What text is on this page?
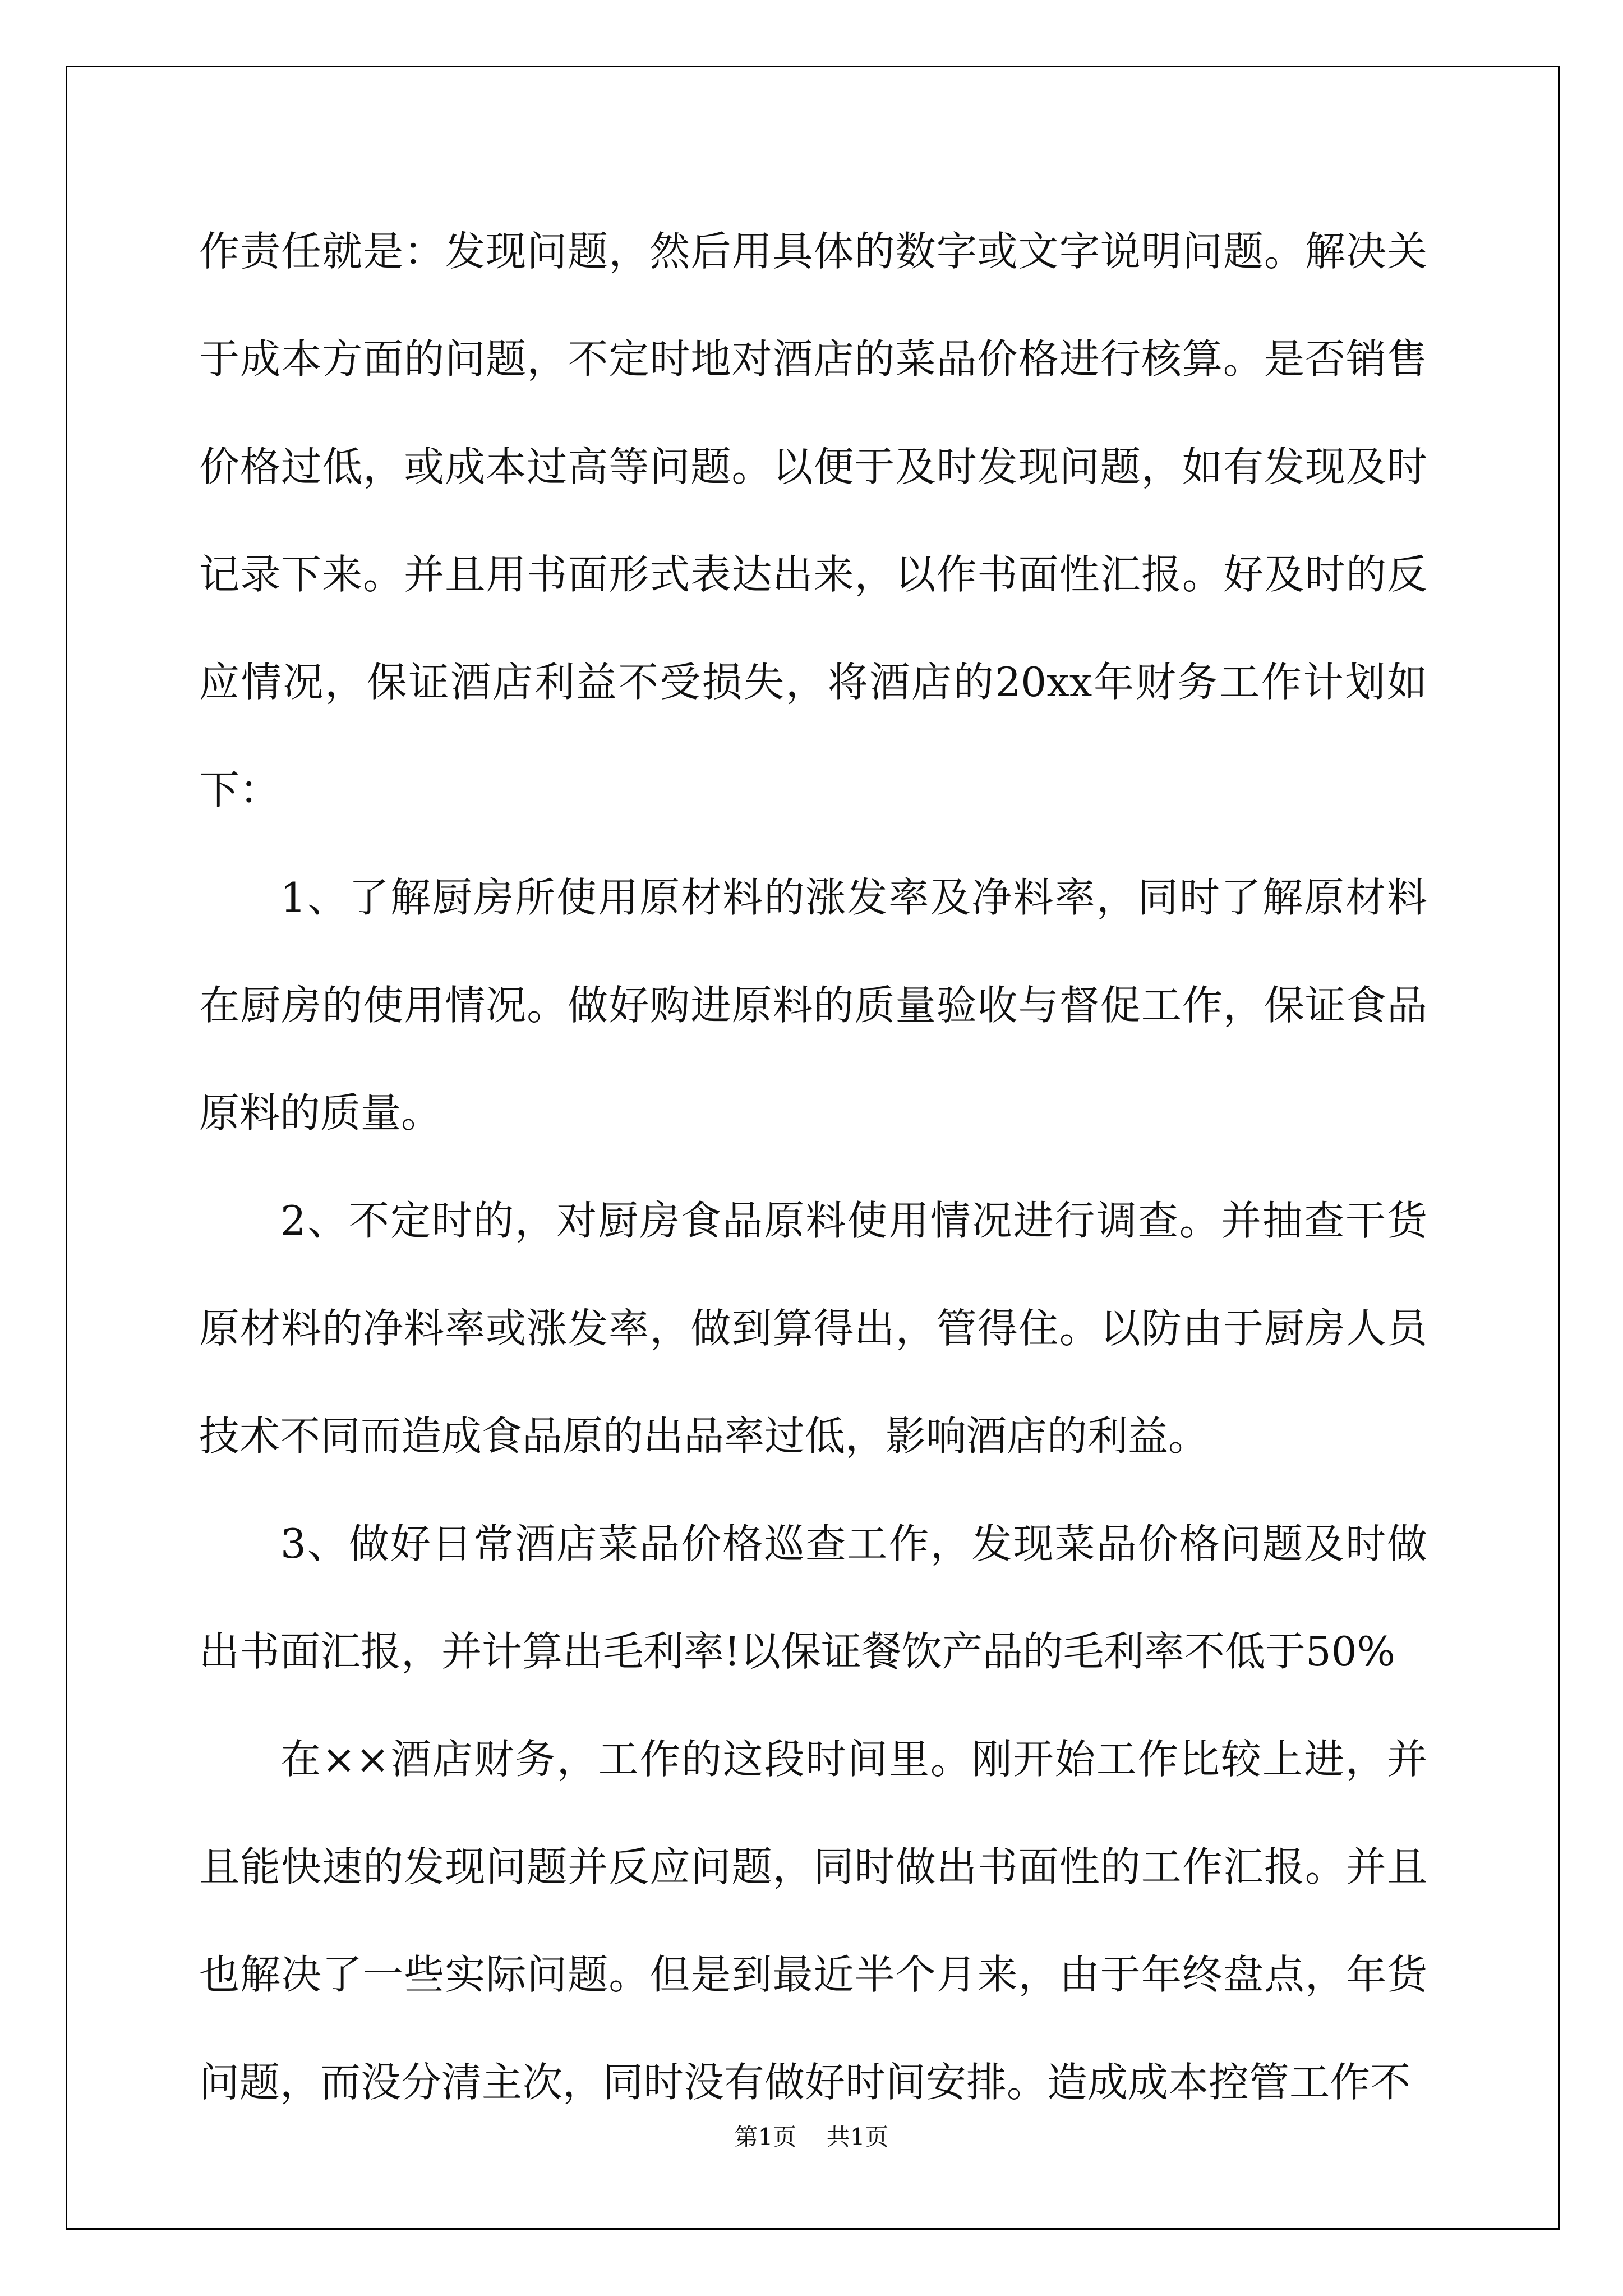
作责任就是：发现问题，然后用具体的数字或文字说明问题。解决关于成本方面的问题，不定时地对酒店的菜品价格进行核算。是否销售价格过低，或成本过高等问题。以便于及时发现问题，如有发现及时记录下来。并且用书面形式表达出来，以作书面性汇报。好及时的反应情况，保证酒店利益不受损失，将酒店的20xx年财务工作计划如下：

1、了解厨房所使用原材料的涨发率及净料率，同时了解原材料在厨房的使用情况。做好购进原料的质量验收与督促工作，保证食品原料的质量。

2、不定时的，对厨房食品原料使用情况进行调查。并抽查干货原材料的净料率或涨发率，做到算得出，管得住。以防由于厨房人员技术不同而造成食品原的出品率过低，影响酒店的利益。

3、做好日常酒店菜品价格巡查工作，发现菜品价格问题及时做出书面汇报，并计算出毛利率!以保证餐饮产品的毛利率不低于50%

在××酒店财务，工作的这段时间里。刚开始工作比较上进，并且能快速的发现问题并反应问题，同时做出书面性的工作汇报。并且也解决了一些实际问题。但是到最近半个月来，由于年终盘点，年货问题，而没分清主次，同时没有做好时间安排。造成成本控管工作不

第1页 共1页
